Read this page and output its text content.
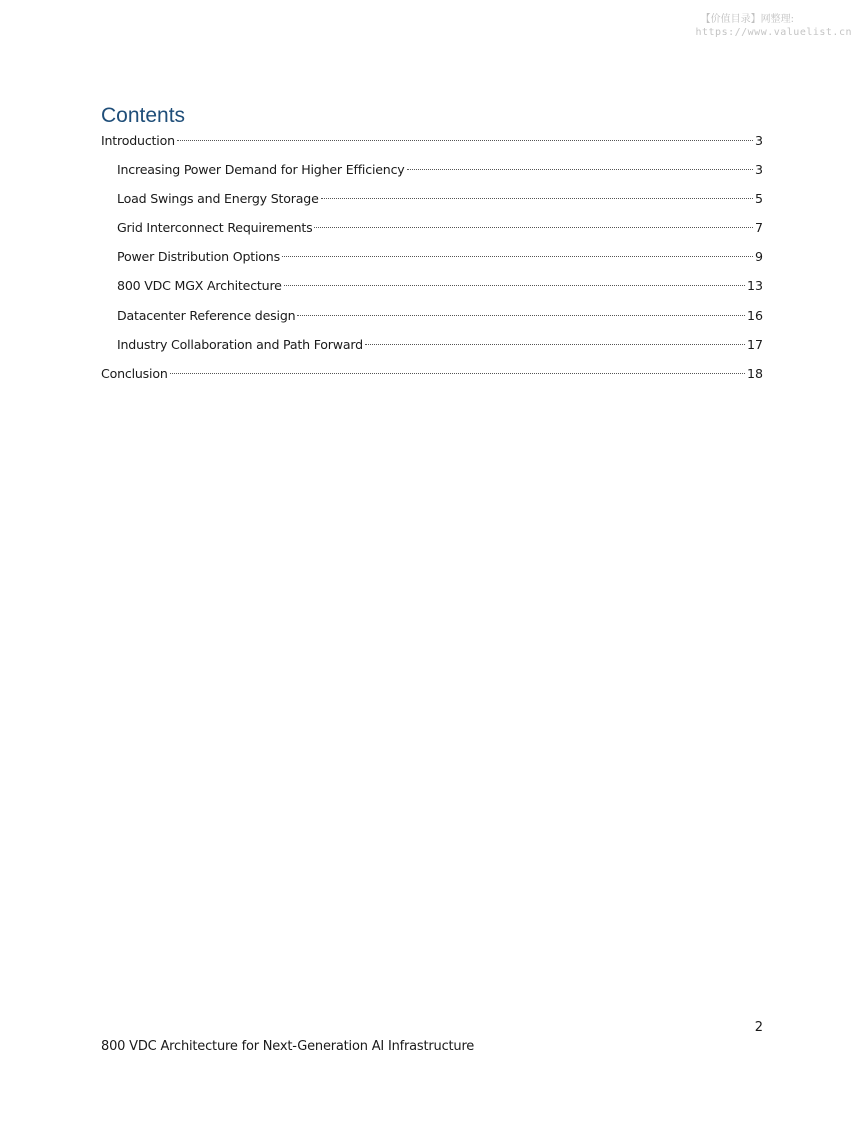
【价值目录】网整理:
https://www.valuelist.cn
Contents
Introduction	3
Increasing Power Demand for Higher Efficiency	3
Load Swings and Energy Storage	5
Grid Interconnect Requirements	7
Power Distribution Options	9
800 VDC MGX Architecture	13
Datacenter Reference design	16
Industry Collaboration and Path Forward	17
Conclusion	18
2
800 VDC Architecture for Next-Generation AI Infrastructure
